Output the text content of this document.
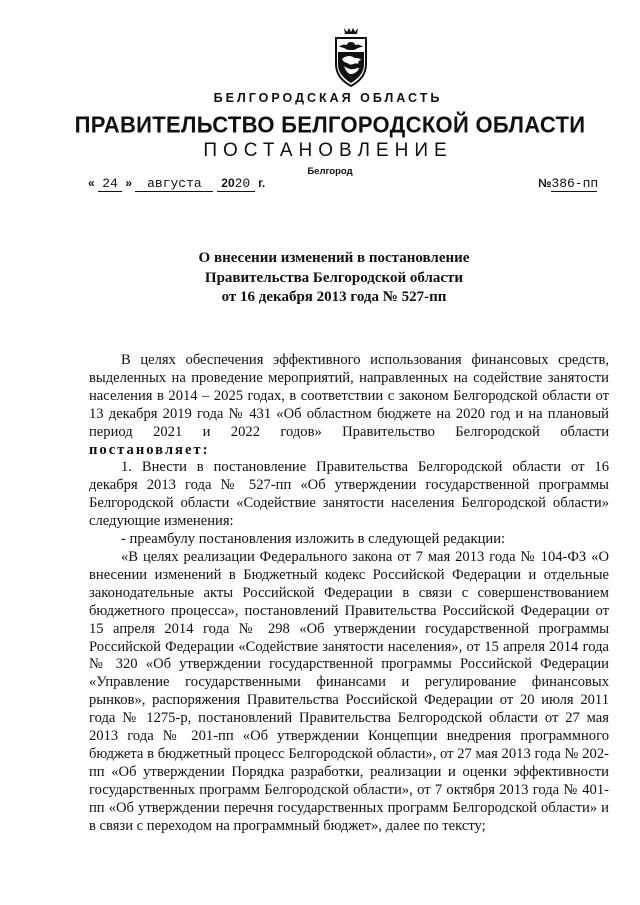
БЕЛГОРОДСКАЯ ОБЛАСТЬ
ПРАВИТЕЛЬСТВО БЕЛГОРОДСКОЙ ОБЛАСТИ
ПОСТАНОВЛЕНИЕ
Белгород
« 24 » августа 2020 г.	№386-пп
О внесении изменений в постановление
Правительства Белгородской области
от 16 декабря 2013 года № 527-пп

В целях обеспечения эффективного использования финансовых средств, выделенных на проведение мероприятий, направленных на содействие занятости населения в 2014 – 2025 годах, в соответствии с законом Белгородской области от 13 декабря 2019 года № 431 «Об областном бюджете на 2020 год и на плановый период 2021 и 2022 годов» Правительство Белгородской области постановляет:

1. Внести в постановление Правительства Белгородской области от 16 декабря 2013 года № 527-пп «Об утверждении государственной программы Белгородской области «Содействие занятости населения Белгородской области» следующие изменения:

- преамбулу постановления изложить в следующей редакции:

«В целях реализации Федерального закона от 7 мая 2013 года № 104-ФЗ «О внесении изменений в Бюджетный кодекс Российской Федерации и отдельные законодательные акты Российской Федерации в связи с совершенствованием бюджетного процесса», постановлений Правительства Российской Федерации от 15 апреля 2014 года № 298 «Об утверждении государственной программы Российской Федерации «Содействие занятости населения», от 15 апреля 2014 года № 320 «Об утверждении государственной программы Российской Федерации «Управление государственными финансами и регулирование финансовых рынков», распоряжения Правительства Российской Федерации от 20 июля 2011 года № 1275-р, постановлений Правительства Белгородской области от 27 мая 2013 года № 201-пп «Об утверждении Концепции внедрения программного бюджета в бюджетный процесс Белгородской области», от 27 мая 2013 года № 202-пп «Об утверждении Порядка разработки, реализации и оценки эффективности государственных программ Белгородской области», от 7 октября 2013 года № 401-пп «Об утверждении перечня государственных программ Белгородской области» и в связи с переходом на программный бюджет», далее по тексту;
